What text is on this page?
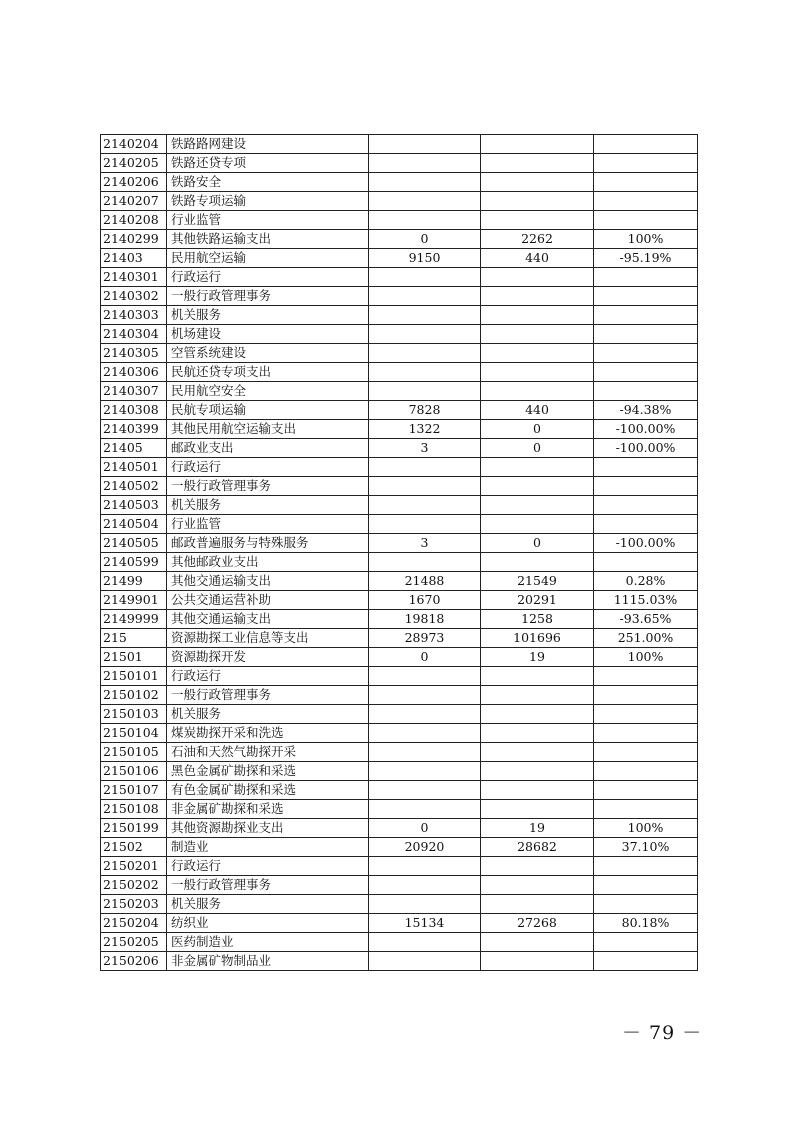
2140204	铁路路网建设			
2140205	铁路还贷专项			
2140206	铁路安全			
2140207	铁路专项运输			
2140208	行业监管			
2140299	其他铁路运输支出	0	2262	100%
21403	民用航空运输	9150	440	-95.19%
2140301	行政运行			
2140302	一般行政管理事务			
2140303	机关服务			
2140304	机场建设			
2140305	空管系统建设			
2140306	民航还贷专项支出			
2140307	民用航空安全			
2140308	民航专项运输	7828	440	-94.38%
2140399	其他民用航空运输支出	1322	0	-100.00%
21405	邮政业支出	3	0	-100.00%
2140501	行政运行			
2140502	一般行政管理事务			
2140503	机关服务			
2140504	行业监管			
2140505	邮政普遍服务与特殊服务	3	0	-100.00%
2140599	其他邮政业支出			
21499	其他交通运输支出	21488	21549	0.28%
2149901	公共交通运营补助	1670	20291	1115.03%
2149999	其他交通运输支出	19818	1258	-93.65%
215	资源勘探工业信息等支出	28973	101696	251.00%
21501	资源勘探开发	0	19	100%
2150101	行政运行			
2150102	一般行政管理事务			
2150103	机关服务			
2150104	煤炭勘探开采和洗选			
2150105	石油和天然气勘探开采			
2150106	黑色金属矿勘探和采选			
2150107	有色金属矿勘探和采选			
2150108	非金属矿勘探和采选			
2150199	其他资源勘探业支出	0	19	100%
21502	制造业	20920	28682	37.10%
2150201	行政运行			
2150202	一般行政管理事务			
2150203	机关服务			
2150204	纺织业	15134	27268	80.18%
2150205	医药制造业			
2150206	非金属矿物制品业			
－ 79 －
